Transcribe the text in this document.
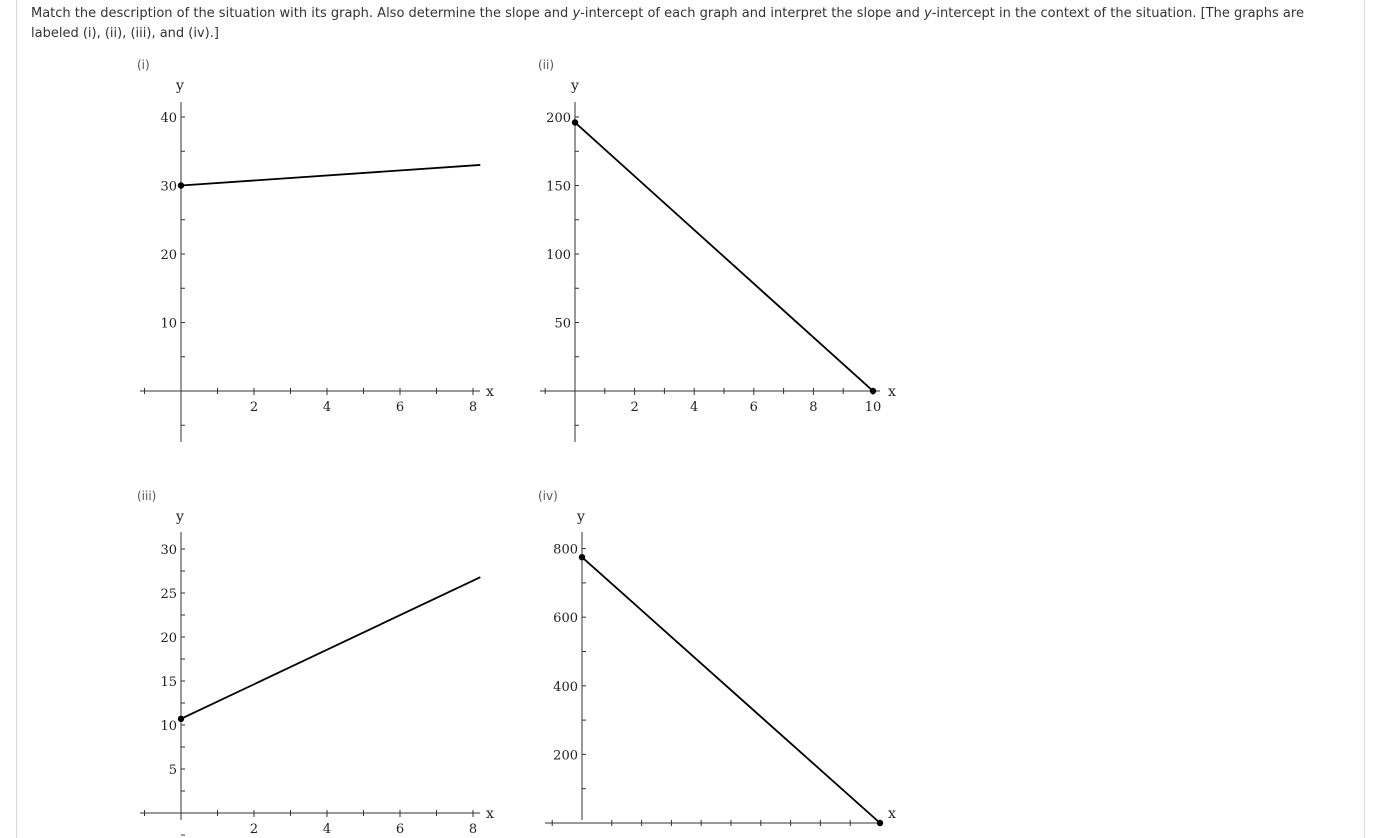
Match the description of the situation with its graph. Also determine the slope and y-intercept of each graph and interpret the slope and y-intercept in the context of the situation. [The graphs are labeled (i), (ii), (iii), and (iv).]
(i)	(ii)
(iii)	(iv)
2	4	6	8
10
20
30
40
x
y
2	4	6	8	10
50
100
150
200
x
y
2	4	6	8
5
10
15
20
25
30
x
y
200
400
600
800
x
y
